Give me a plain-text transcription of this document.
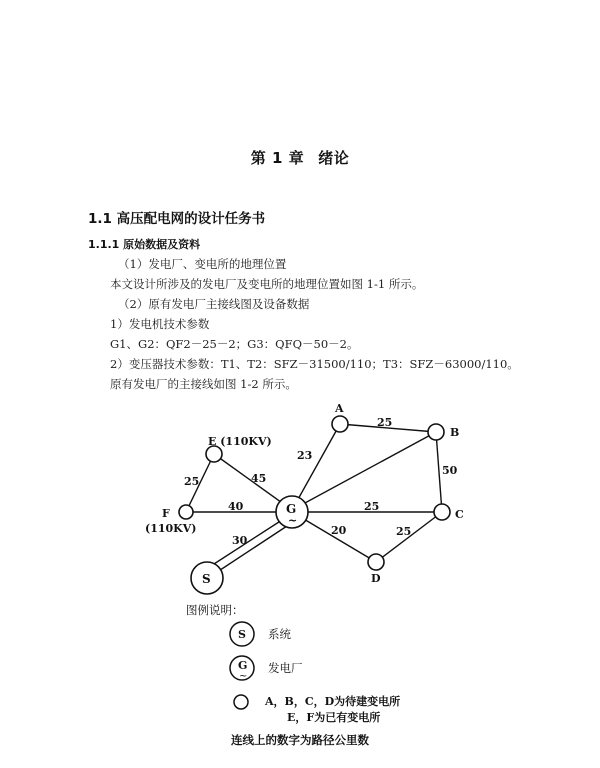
第 1 章 绪论
1.1 高压配电网的设计任务书
1.1.1 原始数据及资料
（1）发电厂、变电所的地理位置
本文设计所涉及的发电厂及变电所的地理位置如图 1-1 所示。
（2）原有发电厂主接线图及设备数据
1）发电机技术参数
G1、G2：QF2－25－2；G3：QFQ－50－2。
2）变压器技术参数：T1、T2：SFZ－31500/110；T3：SFZ－63000/110。
原有发电厂的主接线如图 1-2 所示。
A
B
C
D
E (110KV)
F
(110KV)
G
~
S
25
23
50
25	45
40	25
20	25
30
图例说明：
S 系统
G
~
发电厂
A，B，C，D为待建变电所
E，F为已有变电所
连线上的数字为路径公里数
